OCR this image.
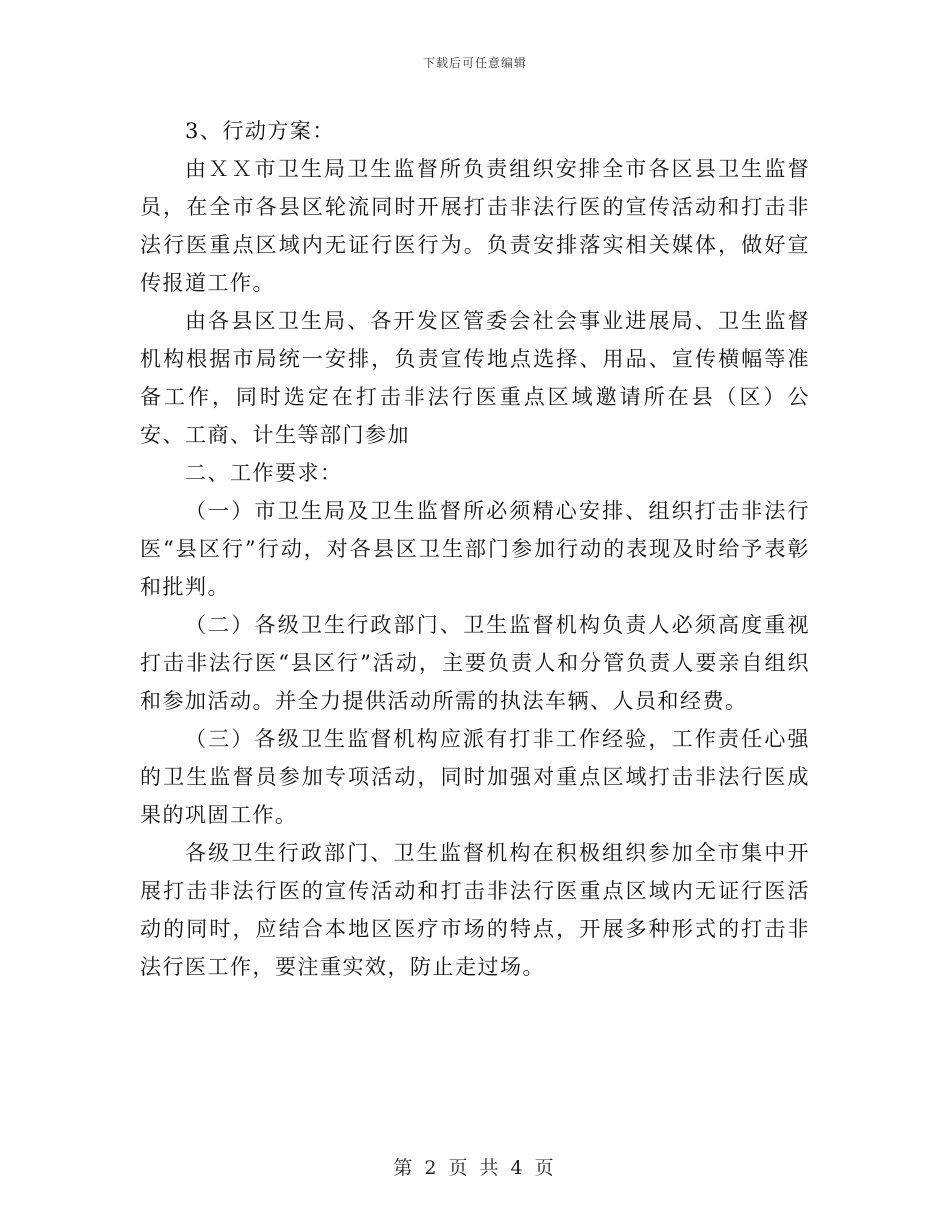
下载后可任意编辑

3、行动方案：

由ＸＸ市卫生局卫生监督所负责组织安排全市各区县卫生监督员，在全市各县区轮流同时开展打击非法行医的宣传活动和打击非法行医重点区域内无证行医行为。负责安排落实相关媒体，做好宣传报道工作。

由各县区卫生局、各开发区管委会社会事业进展局、卫生监督机构根据市局统一安排，负责宣传地点选择、用品、宣传横幅等准备工作，同时选定在打击非法行医重点区域邀请所在县（区）公安、工商、计生等部门参加

二、工作要求：

（一）市卫生局及卫生监督所必须精心安排、组织打击非法行医“县区行”行动，对各县区卫生部门参加行动的表现及时给予表彰和批判。

（二）各级卫生行政部门、卫生监督机构负责人必须高度重视打击非法行医“县区行”活动，主要负责人和分管负责人要亲自组织和参加活动。并全力提供活动所需的执法车辆、人员和经费。

（三）各级卫生监督机构应派有打非工作经验，工作责任心强的卫生监督员参加专项活动，同时加强对重点区域打击非法行医成果的巩固工作。

各级卫生行政部门、卫生监督机构在积极组织参加全市集中开展打击非法行医的宣传活动和打击非法行医重点区域内无证行医活动的同时，应结合本地区医疗市场的特点，开展多种形式的打击非法行医工作，要注重实效，防止走过场。

第 2 页 共 4 页
